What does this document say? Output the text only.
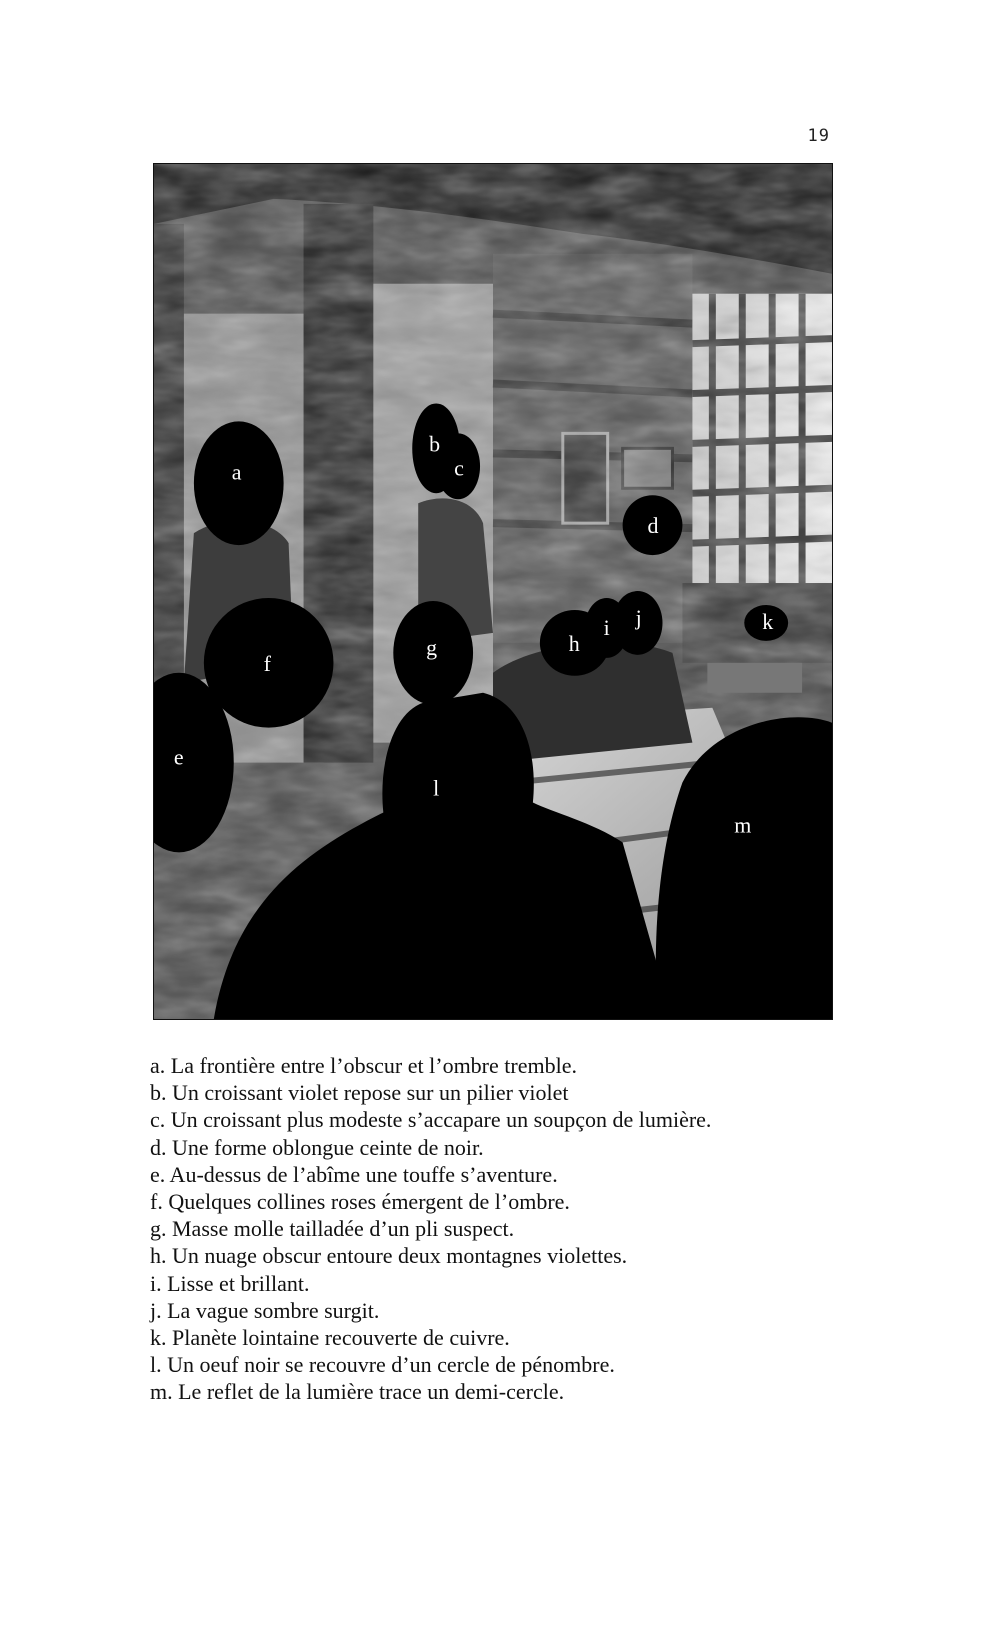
19
a
b
c
d
e
f
g	h
i j	k
l
m
a. La frontière entre l’obscur et l’ombre tremble.
b. Un croissant violet repose sur un pilier violet
c. Un croissant plus modeste s’accapare un soupçon de lumière.
d. Une forme oblongue ceinte de noir.
e. Au-dessus de l’abîme une touffe s’aventure.
f. Quelques collines roses émergent de l’ombre.
g. Masse molle tailladée d’un pli suspect.
h. Un nuage obscur entoure deux montagnes violettes.
i. Lisse et brillant.
j. La vague sombre surgit.
k. Planète lointaine recouverte de cuivre.
l. Un oeuf noir se recouvre d’un cercle de pénombre.
m. Le reflet de la lumière trace un demi-cercle.
